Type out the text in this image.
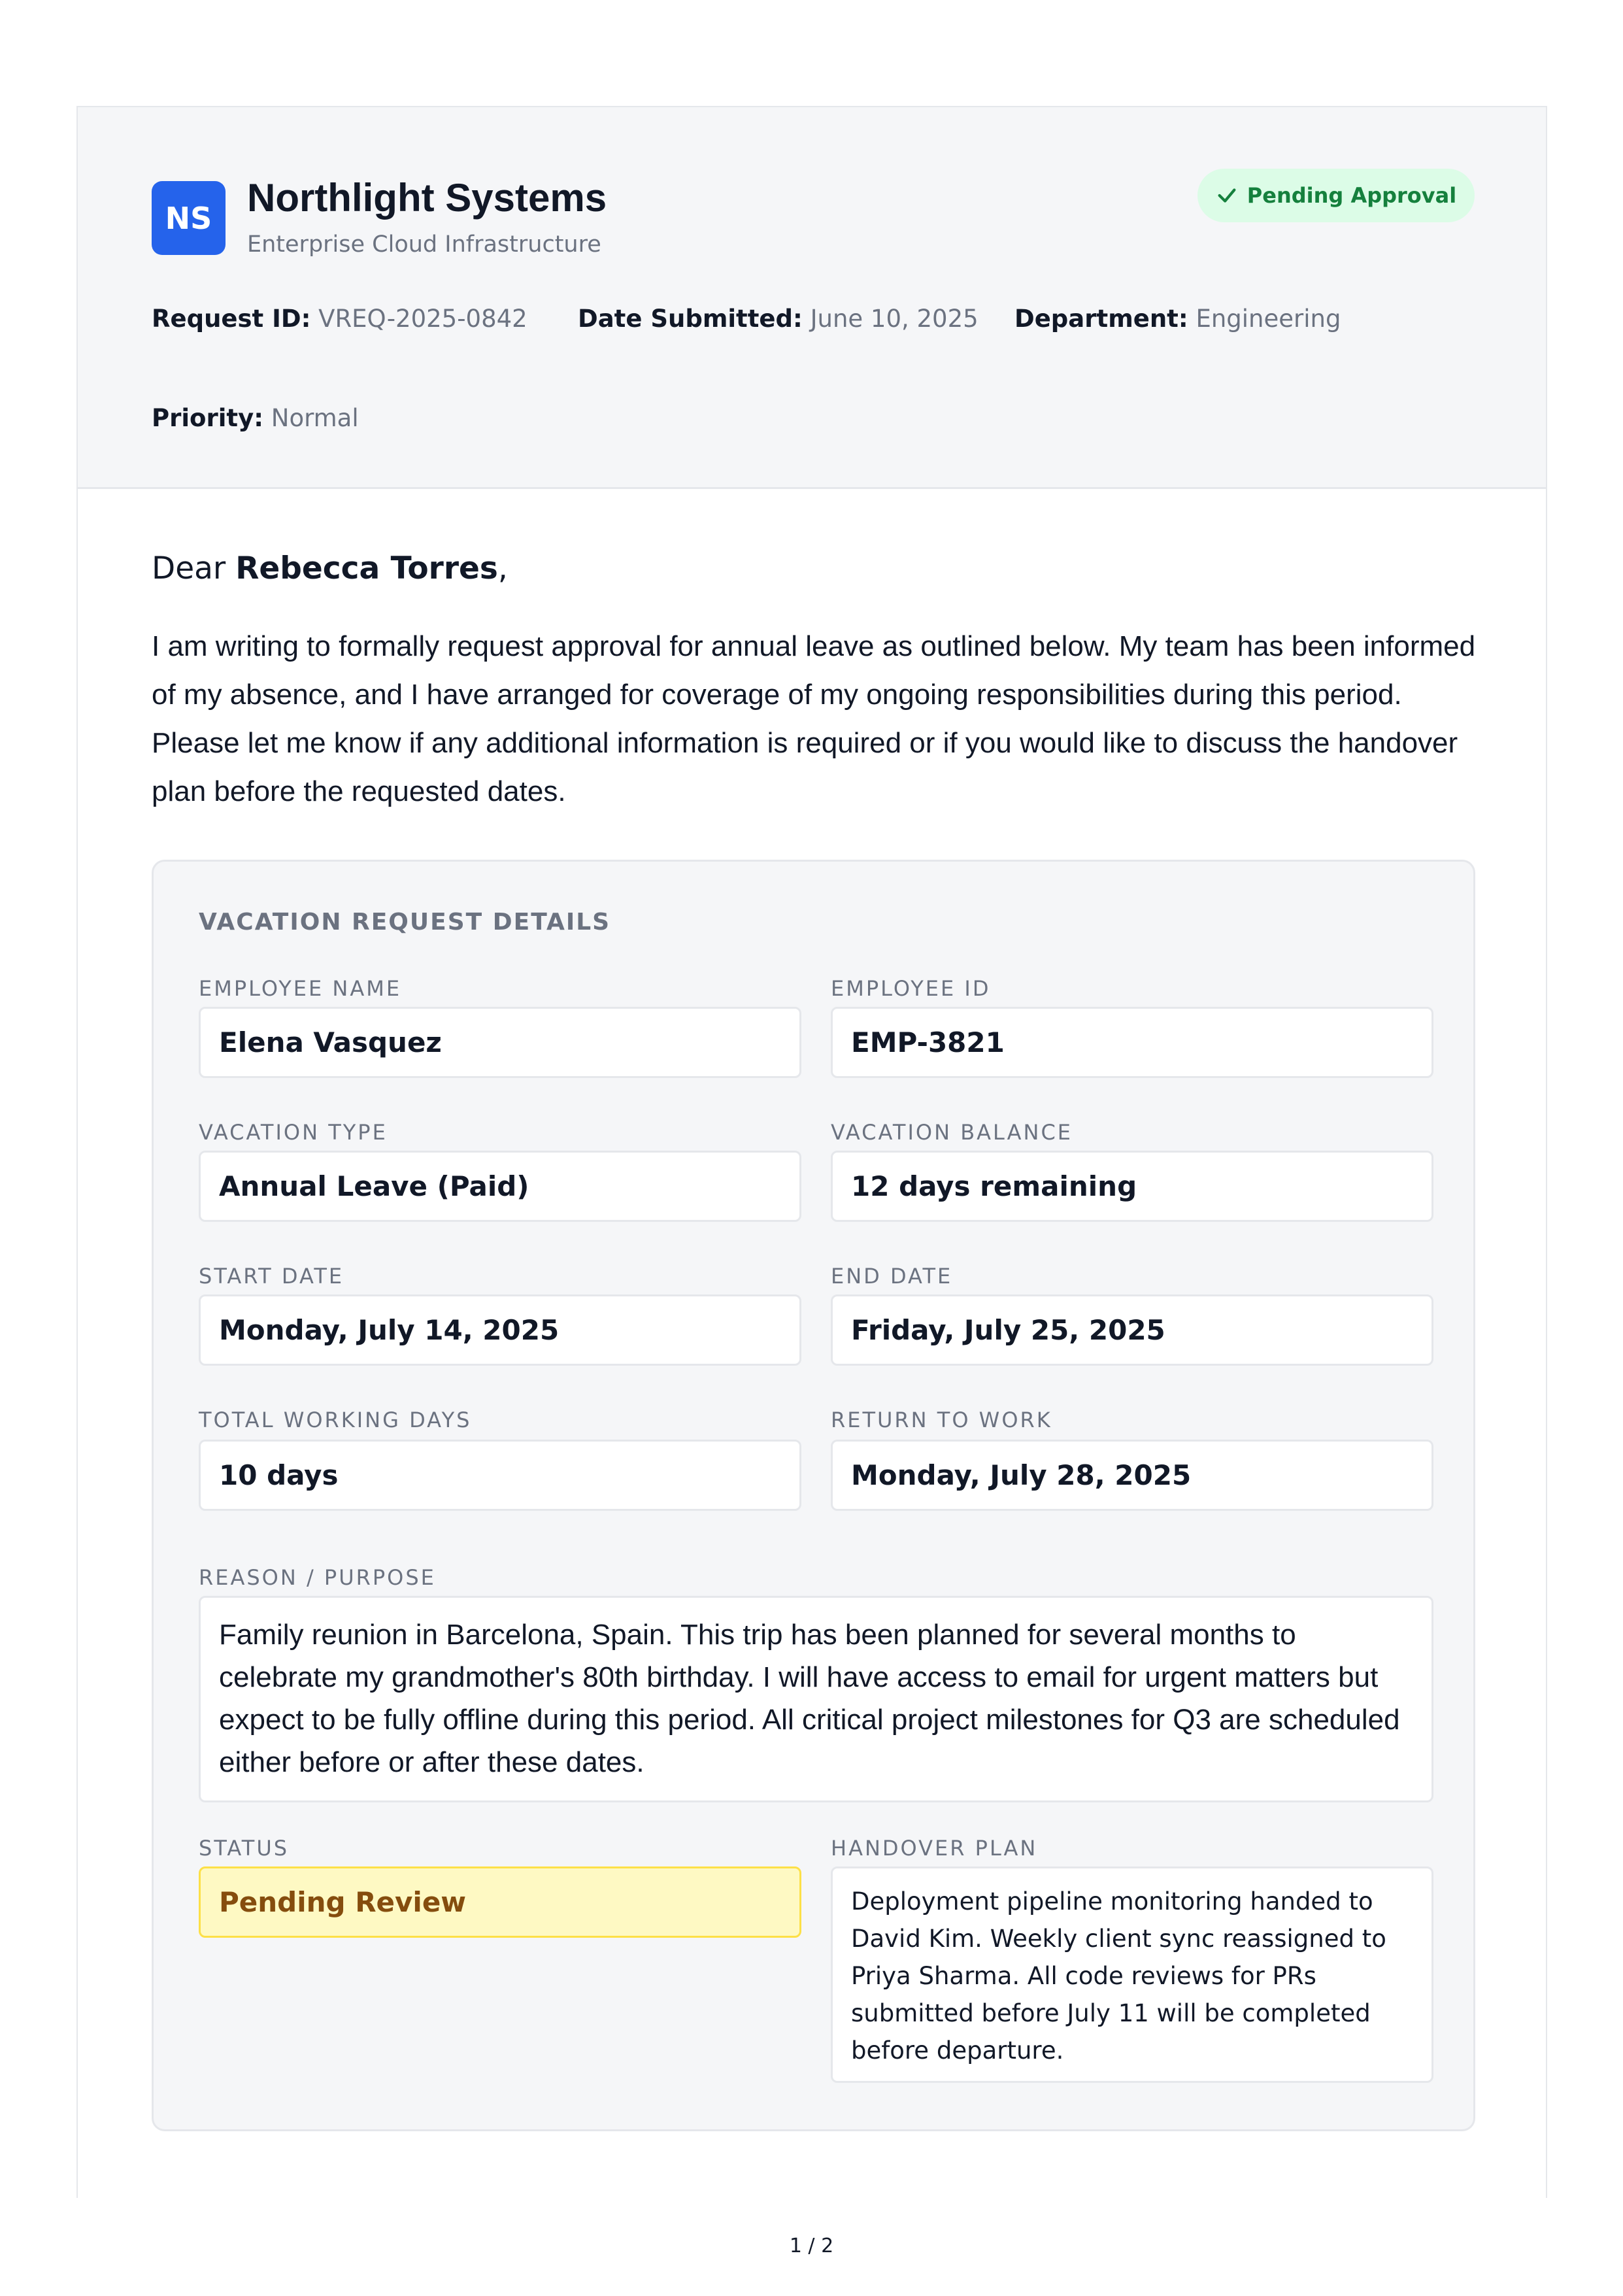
NS Northlight Systems
Enterprise Cloud Infrastructure
Pending Approval
Request ID: VREQ-2025-0842 Date Submitted: June 10, 2025 Department: Engineering
Priority: Normal
Dear Rebecca Torres,

I am writing to formally request approval for annual leave as outlined below. My team has been informed of my absence, and I have arranged for coverage of my ongoing responsibilities during this period. Please let me know if any additional information is required or if you would like to discuss the handover plan before the requested dates.

VACATION REQUEST DETAILS
EMPLOYEE NAME
Elena Vasquez
EMPLOYEE ID
EMP-3821
VACATION TYPE
Annual Leave (Paid)
VACATION BALANCE
12 days remaining
START DATE
Monday, July 14, 2025
END DATE
Friday, July 25, 2025
TOTAL WORKING DAYS
10 days
RETURN TO WORK
Monday, July 28, 2025
REASON / PURPOSE
Family reunion in Barcelona, Spain. This trip has been planned for several months to celebrate my grandmother's 80th birthday. I will have access to email for urgent matters but expect to be fully offline during this period. All critical project milestones for Q3 are scheduled either before or after these dates.
STATUS
Pending Review
HANDOVER PLAN
Deployment pipeline monitoring handed to David Kim. Weekly client sync reassigned to Priya Sharma. All code reviews for PRs submitted before July 11 will be completed before departure.
1 / 2
